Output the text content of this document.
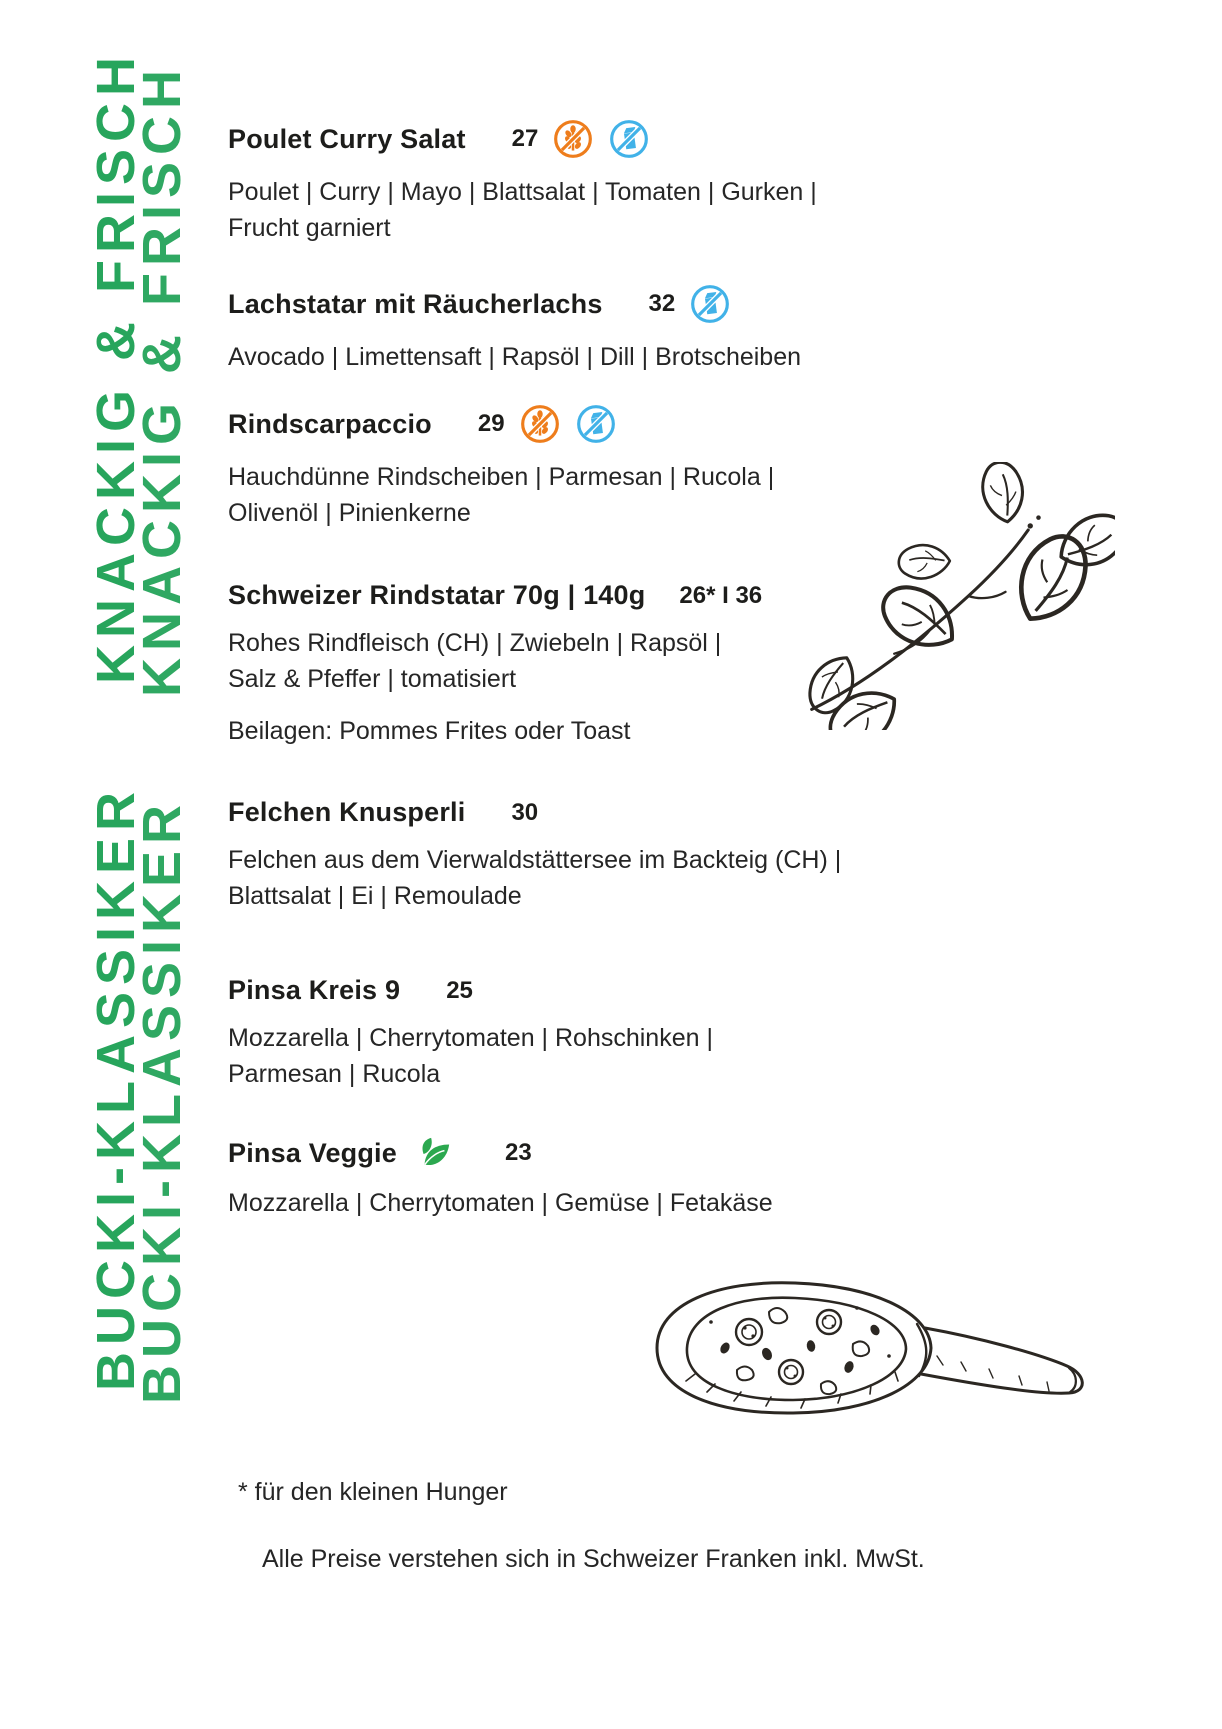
KNACKIG & FRISCH
KNACKIG & FRISCH
BUCKI-KLASSIKER
BUCKI-KLASSIKER
Poulet Curry Salat 27

Poulet | Curry | Mayo | Blattsalat | Tomaten | Gurken |
Frucht garniert

Lachstatar mit Räucherlachs 32

Avocado | Limettensaft | Rapsöl | Dill | Brotscheiben

Rindscarpaccio 29

Hauchdünne Rindscheiben | Parmesan | Rucola |
Olivenöl | Pinienkerne

Schweizer Rindstatar 70g | 140g 26* I 36

Rohes Rindfleisch (CH) | Zwiebeln | Rapsöl |
Salz & Pfeffer | tomatisiert

Beilagen: Pommes Frites oder Toast

Felchen Knusperli 30

Felchen aus dem Vierwaldstättersee im Backteig (CH) |
Blattsalat | Ei | Remoulade

Pinsa Kreis 9 25

Mozzarella | Cherrytomaten | Rohschinken |
Parmesan | Rucola

Pinsa Veggie	23

Mozzarella | Cherrytomaten | Gemüse | Fetakäse

* für den kleinen Hunger
Alle Preise verstehen sich in Schweizer Franken inkl. MwSt.
